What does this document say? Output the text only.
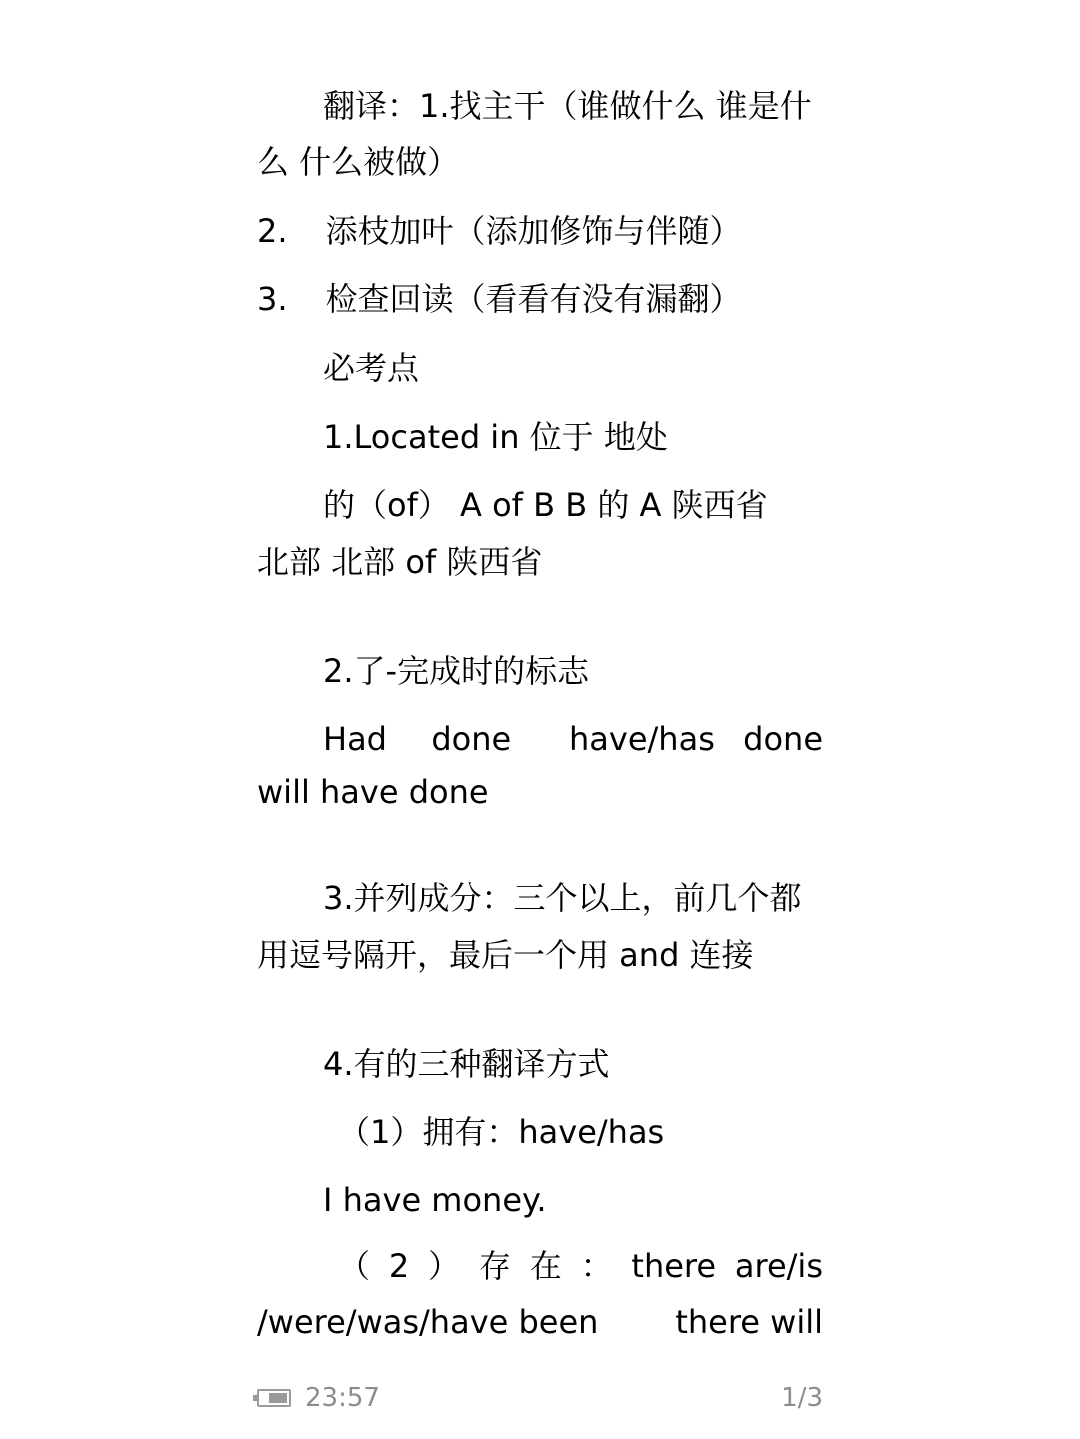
翻译：1.找主干（谁做什么 谁是什
么 什么被做）
2. 添枝加叶（添加修饰与伴随）
3. 检查回读（看看有没有漏翻）
必考点
1.Located in 位于 地处
的（of） A of B B 的 A 陕西省
北部 北部 of 陕西省
2.了-完成时的标志
Had done have/has done
will have done
3.并列成分：三个以上，前几个都
用逗号隔开，最后一个用 and 连接
4.有的三种翻译方式
（1）拥有：have/has
I have money.
（ 2 ） 存 在 ： there are/is
/were/was/have been there will
23:57	1/3
